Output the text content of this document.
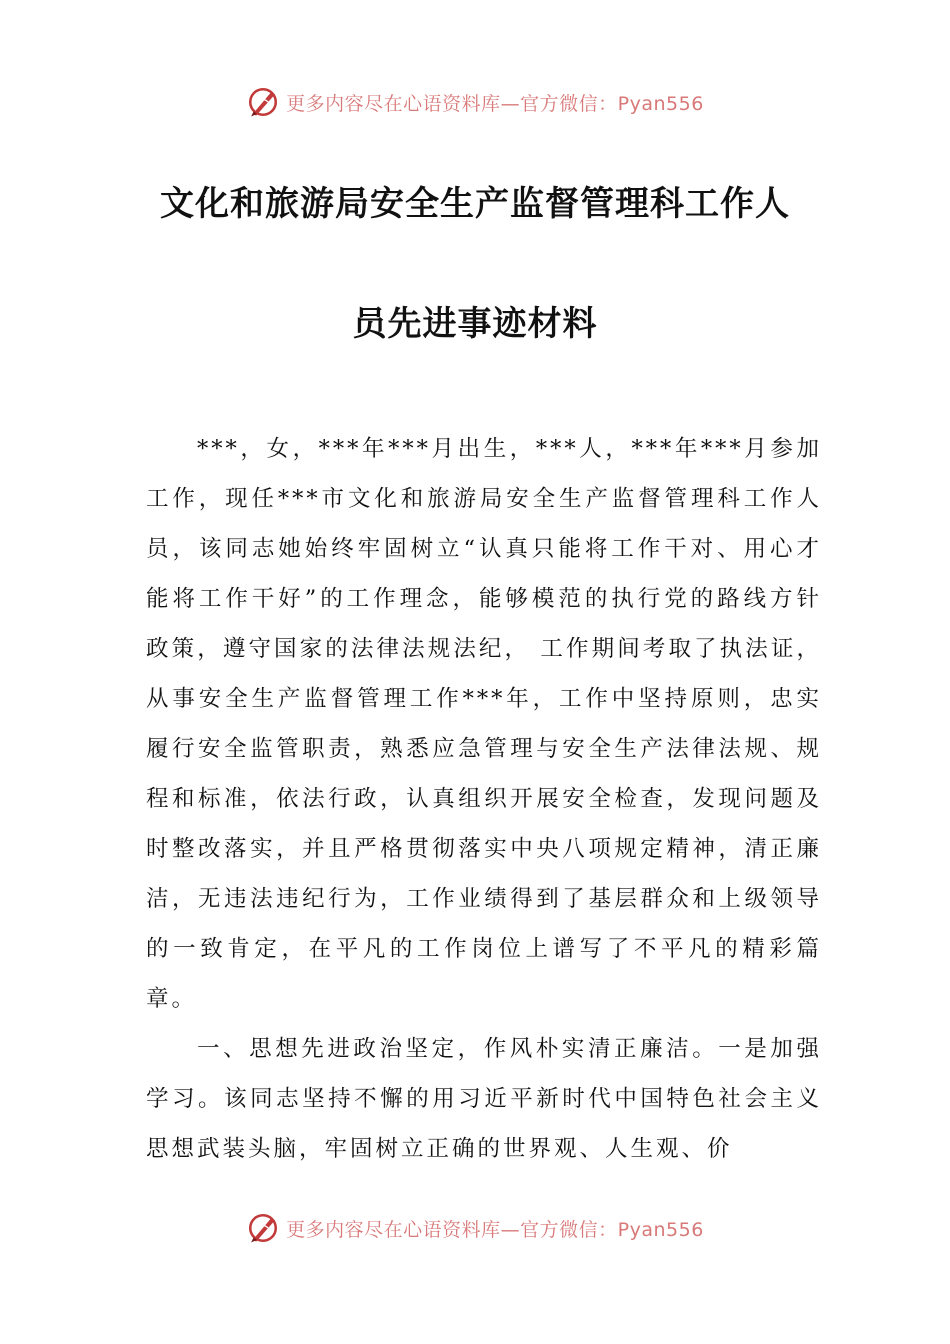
更多内容尽在心语资料库—官方微信：Pyan556
文化和旅游局安全生产监督管理科工作人
员先进事迹材料

***，女，***年***月出生，***人，***年***月参加工作，现任***市文化和旅游局安全生产监督管理科工作人员，该同志她始终牢固树立“认真只能将工作干对、用心才能将工作干好”的工作理念，能够模范的执行党的路线方针政策，遵守国家的法律法规法纪， 工作期间考取了执法证，从事安全生产监督管理工作***年，工作中坚持原则，忠实履行安全监管职责，熟悉应急管理与安全生产法律法规、规程和标准，依法行政，认真组织开展安全检查，发现问题及时整改落实，并且严格贯彻落实中央八项规定精神，清正廉洁，无违法违纪行为，工作业绩得到了基层群众和上级领导的一致肯定，在平凡的工作岗位上谱写了不平凡的精彩篇章。

一、思想先进政治坚定，作风朴实清正廉洁。一是加强学习。该同志坚持不懈的用习近平新时代中国特色社会主义思想武装头脑，牢固树立正确的世界观、人生观、价

更多内容尽在心语资料库—官方微信：Pyan556
